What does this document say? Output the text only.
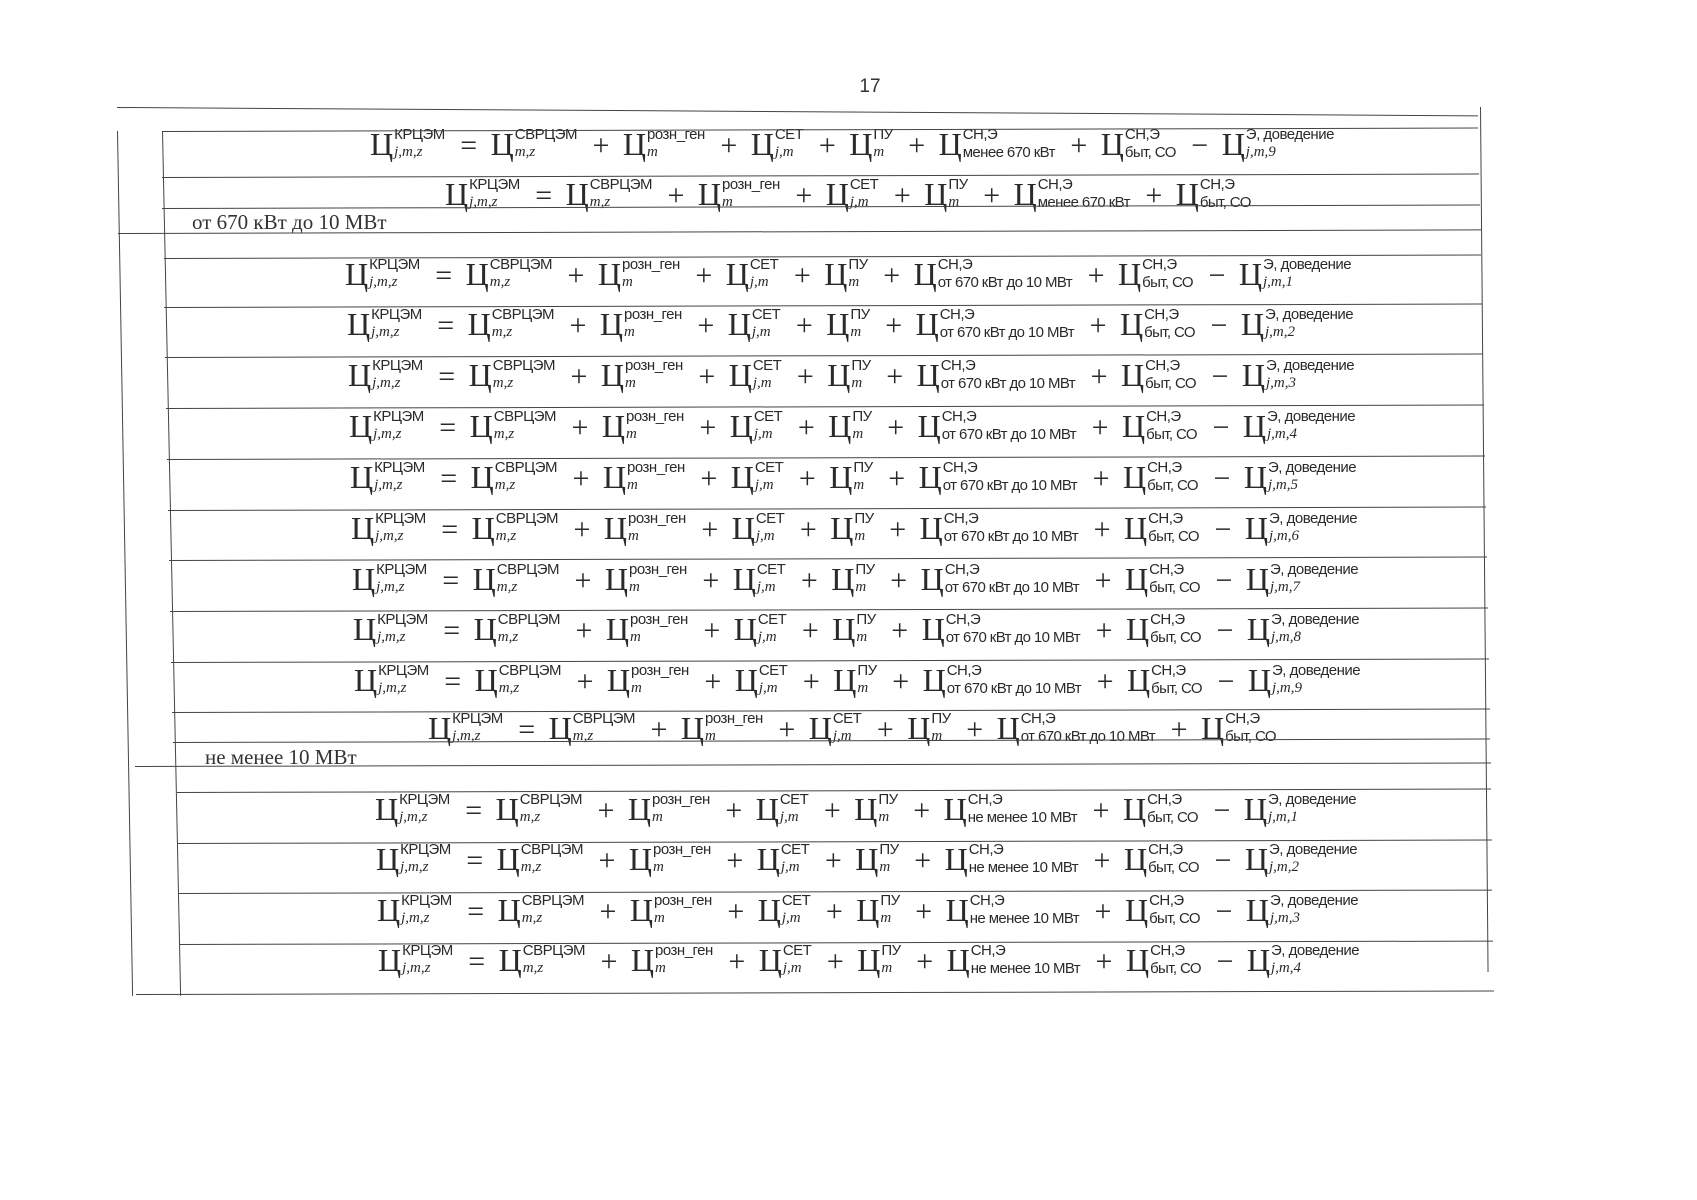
17
Ц КРЦЭМ
j,m,z	= Ц СВРЦЭМ
m,z	+ Ц розн_ген
m	+ Ц СЕТ
j,m + Ц ПУ
m + Ц СН,Э
менее 670 кВт + Ц СН,Э
быт, СО − Ц Э, доведение
j,m,9
Ц КРЦЭМ
j,m,z	= Ц СВРЦЭМ
m,z	+ Ц розн_ген
m	+ Ц СЕТ
j,m + Ц ПУ
m + Ц СН,Э
менее 670 кВт + Ц СН,Э
быт, СО
Ц КРЦЭМ
j,m,z	= Ц СВРЦЭМ
m,z	+ Ц розн_ген
m	+ Ц СЕТ
j,m + Ц ПУ
m + Ц СН,Э
от 670 кВт до 10 МВт + Ц СН,Э
быт, СО − Ц Э, доведение
j,m,1
Ц КРЦЭМ
j,m,z	= Ц СВРЦЭМ
m,z	+ Ц розн_ген
m	+ Ц СЕТ
j,m + Ц ПУ
m + Ц СН,Э
от 670 кВт до 10 МВт + Ц СН,Э
быт, СО − Ц Э, доведение
j,m,2
Ц КРЦЭМ
j,m,z	= Ц СВРЦЭМ
m,z	+ Ц розн_ген
m	+ Ц СЕТ
j,m + Ц ПУ
m + Ц СН,Э
от 670 кВт до 10 МВт + Ц СН,Э
быт, СО − Ц Э, доведение
j,m,3
Ц КРЦЭМ
j,m,z	= Ц СВРЦЭМ
m,z	+ Ц розн_ген
m	+ Ц СЕТ
j,m + Ц ПУ
m + Ц СН,Э
от 670 кВт до 10 МВт + Ц СН,Э
быт, СО − Ц Э, доведение
j,m,4
Ц КРЦЭМ
j,m,z	= Ц СВРЦЭМ
m,z	+ Ц розн_ген
m	+ Ц СЕТ
j,m + Ц ПУ
m + Ц СН,Э
от 670 кВт до 10 МВт + Ц СН,Э
быт, СО − Ц Э, доведение
j,m,5
Ц КРЦЭМ
j,m,z	= Ц СВРЦЭМ
m,z	+ Ц розн_ген
m	+ Ц СЕТ
j,m + Ц ПУ
m + Ц СН,Э
от 670 кВт до 10 МВт + Ц СН,Э
быт, СО − Ц Э, доведение
j,m,6
Ц КРЦЭМ
j,m,z	= Ц СВРЦЭМ
m,z	+ Ц розн_ген
m	+ Ц СЕТ
j,m + Ц ПУ
m + Ц СН,Э
от 670 кВт до 10 МВт + Ц СН,Э
быт, СО − Ц Э, доведение
j,m,7
Ц КРЦЭМ
j,m,z	= Ц СВРЦЭМ
m,z	+ Ц розн_ген
m	+ Ц СЕТ
j,m + Ц ПУ
m + Ц СН,Э
от 670 кВт до 10 МВт + Ц СН,Э
быт, СО − Ц Э, доведение
j,m,8
Ц КРЦЭМ
j,m,z	= Ц СВРЦЭМ
m,z	+ Ц розн_ген
m	+ Ц СЕТ
j,m + Ц ПУ
m + Ц СН,Э
от 670 кВт до 10 МВт + Ц СН,Э
быт, СО − Ц Э, доведение
j,m,9
Ц КРЦЭМ
j,m,z	= Ц СВРЦЭМ
m,z	+ Ц розн_ген
m	+ Ц СЕТ
j,m + Ц ПУ
m + Ц СН,Э
от 670 кВт до 10 МВт + Ц СН,Э
быт, СО
Ц КРЦЭМ
j,m,z	= Ц СВРЦЭМ
m,z	+ Ц розн_ген
m	+ Ц СЕТ
j,m + Ц ПУ
m + Ц СН,Э
не менее 10 МВт + Ц СН,Э
быт, СО − Ц Э, доведение
j,m,1
Ц КРЦЭМ
j,m,z	= Ц СВРЦЭМ
m,z	+ Ц розн_ген
m	+ Ц СЕТ
j,m + Ц ПУ
m + Ц СН,Э
не менее 10 МВт + Ц СН,Э
быт, СО − Ц Э, доведение
j,m,2
Ц КРЦЭМ
j,m,z	= Ц СВРЦЭМ
m,z	+ Ц розн_ген
m	+ Ц СЕТ
j,m + Ц ПУ
m + Ц СН,Э
не менее 10 МВт + Ц СН,Э
быт, СО − Ц Э, доведение
j,m,3
Ц КРЦЭМ
j,m,z	= Ц СВРЦЭМ
m,z	+ Ц розн_ген
m	+ Ц СЕТ
j,m + Ц ПУ
m + Ц СН,Э
не менее 10 МВт + Ц СН,Э
быт, СО − Ц Э, доведение
j,m,4
от 670 кВт до 10 МВт
не менее 10 МВт
